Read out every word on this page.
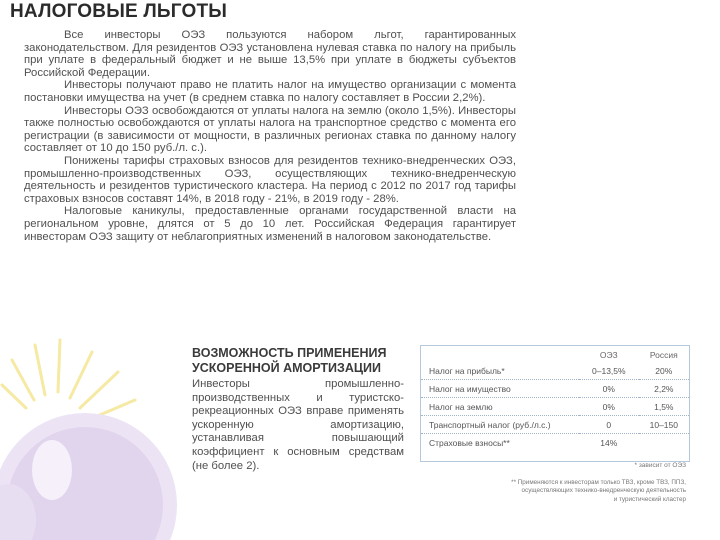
НАЛОГОВЫЕ ЛЬГОТЫ

Все инвесторы ОЭЗ пользуются набором льгот, гарантированных законодательством. Для резидентов ОЭЗ установлена нулевая ставка по налогу на прибыль при уплате в федеральный бюджет и не выше 13,5% при уплате в бюджеты субъектов Российской Федерации.

Инвесторы получают право не платить налог на имущество организации с момента постановки имущества на учет (в среднем ставка по налогу составляет в России 2,2%).

Инвесторы ОЭЗ освобождаются от уплаты налога на землю (около 1,5%). Инвесторы также полностью освобождаются от уплаты налога на транспортное средство с момента его регистрации (в зависимости от мощности, в различных регионах ставка по данному налогу составляет от 10 до 150 руб./л. с.).

Понижены тарифы страховых взносов для резидентов технико-внедренческих ОЭЗ, промышленно-производственных ОЭЗ, осуществляющих технико-внедренческую деятельность и резидентов туристического кластера. На период с 2012 по 2017 год тарифы страховых взносов составят 14%, в 2018 году - 21%, в 2019 году - 28%.

Налоговые каникулы, предоставленные органами государственной власти на региональном уровне, длятся от 5 до 10 лет. Российская Федерация гарантирует инвесторам ОЭЗ защиту от неблагоприятных изменений в налоговом законодательстве.

ВОЗМОЖНОСТЬ ПРИМЕНЕНИЯ
УСКОРЕННОЙ АМОРТИЗАЦИИ
Инвесторы промышленно-производственных и туристско-рекреационных ОЭЗ вправе применять ускоренную амортизацию, устанавливая повышающий коэффициент к основным средствам (не более 2).
	ОЭЗ	Россия
Налог на прибыль*	0–13,5%	20%
Налог на имущество	0%	2,2%
Налог на землю	0%	1,5%
Транспортный налог (руб./л.с.)	0	10–150
Страховые взносы**	14%	
* зависит от ОЭЗ
** Применяются к инвесторам только ТВЗ, кроме ТВЗ, ППЗ,
осуществляющих технико-внедренческую деятельность
и туристический кластер
